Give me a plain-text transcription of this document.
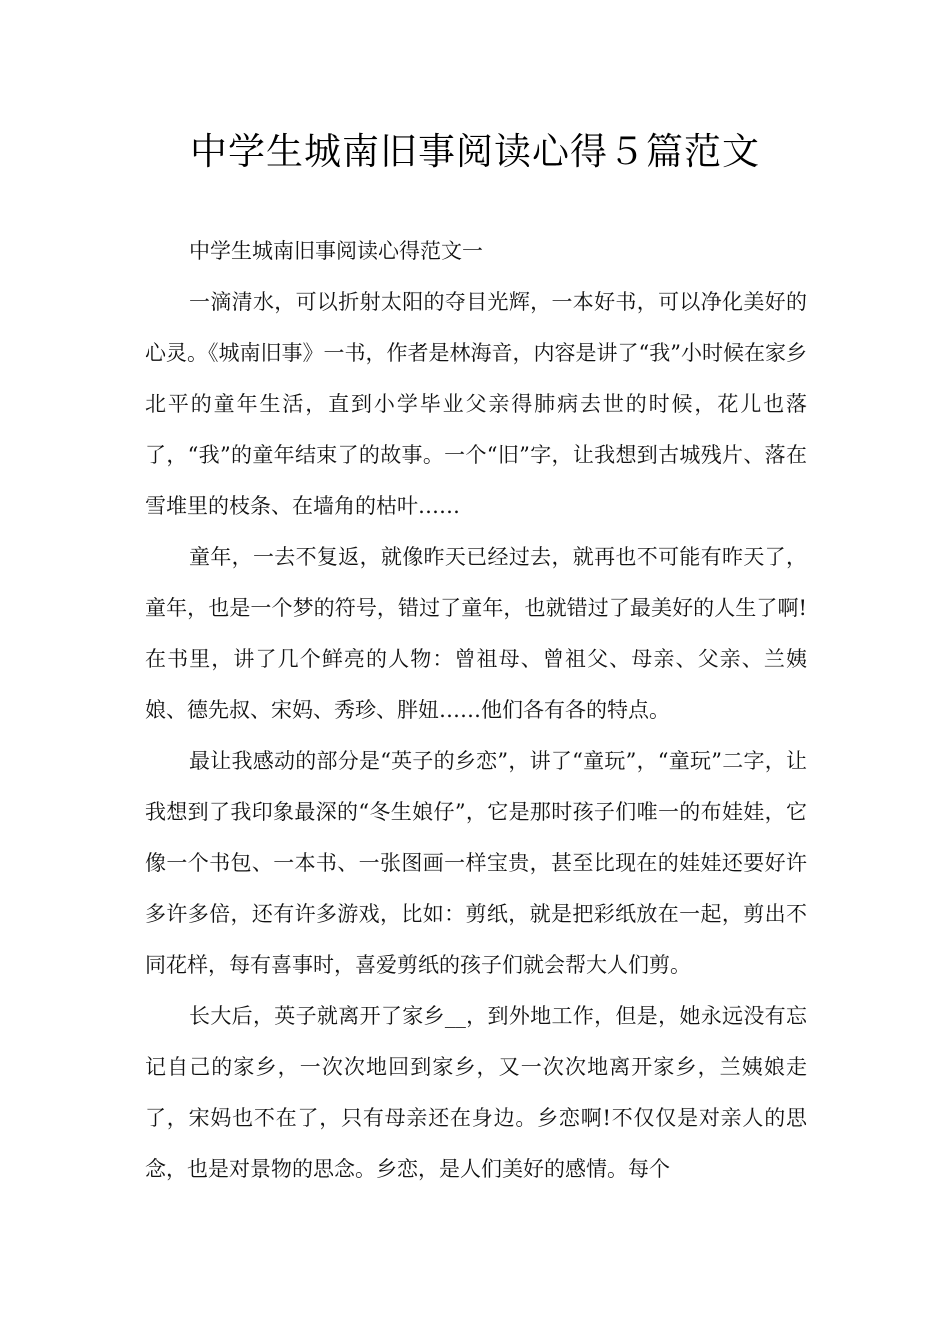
中学生城南旧事阅读心得５篇范文

中学生城南旧事阅读心得范文一

一滴清水，可以折射太阳的夺目光辉，一本好书，可以净化美好的心灵。《城南旧事》一书，作者是林海音，内容是讲了“我”小时候在家乡北平的童年生活，直到小学毕业父亲得肺病去世的时候，花儿也落了，“我”的童年结束了的故事。一个“旧”字，让我想到古城残片、落在雪堆里的枝条、在墙角的枯叶……

童年，一去不复返，就像昨天已经过去，就再也不可能有昨天了，童年，也是一个梦的符号，错过了童年，也就错过了最美好的人生了啊!在书里，讲了几个鲜亮的人物：曾祖母、曾祖父、母亲、父亲、兰姨娘、德先叔、宋妈、秀珍、胖妞……他们各有各的特点。

最让我感动的部分是“英子的乡恋”，讲了“童玩”，“童玩”二字，让我想到了我印象最深的“冬生娘仔”，它是那时孩子们唯一的布娃娃，它像一个书包、一本书、一张图画一样宝贵，甚至比现在的娃娃还要好许多许多倍，还有许多游戏，比如：剪纸，就是把彩纸放在一起，剪出不同花样，每有喜事时，喜爱剪纸的孩子们就会帮大人们剪。

长大后，英子就离开了家乡__，到外地工作，但是，她永远没有忘记自己的家乡，一次次地回到家乡，又一次次地离开家乡，兰姨娘走了，宋妈也不在了，只有母亲还在身边。乡恋啊!不仅仅是对亲人的思念，也是对景物的思念。乡恋，是人们美好的感情。每个
